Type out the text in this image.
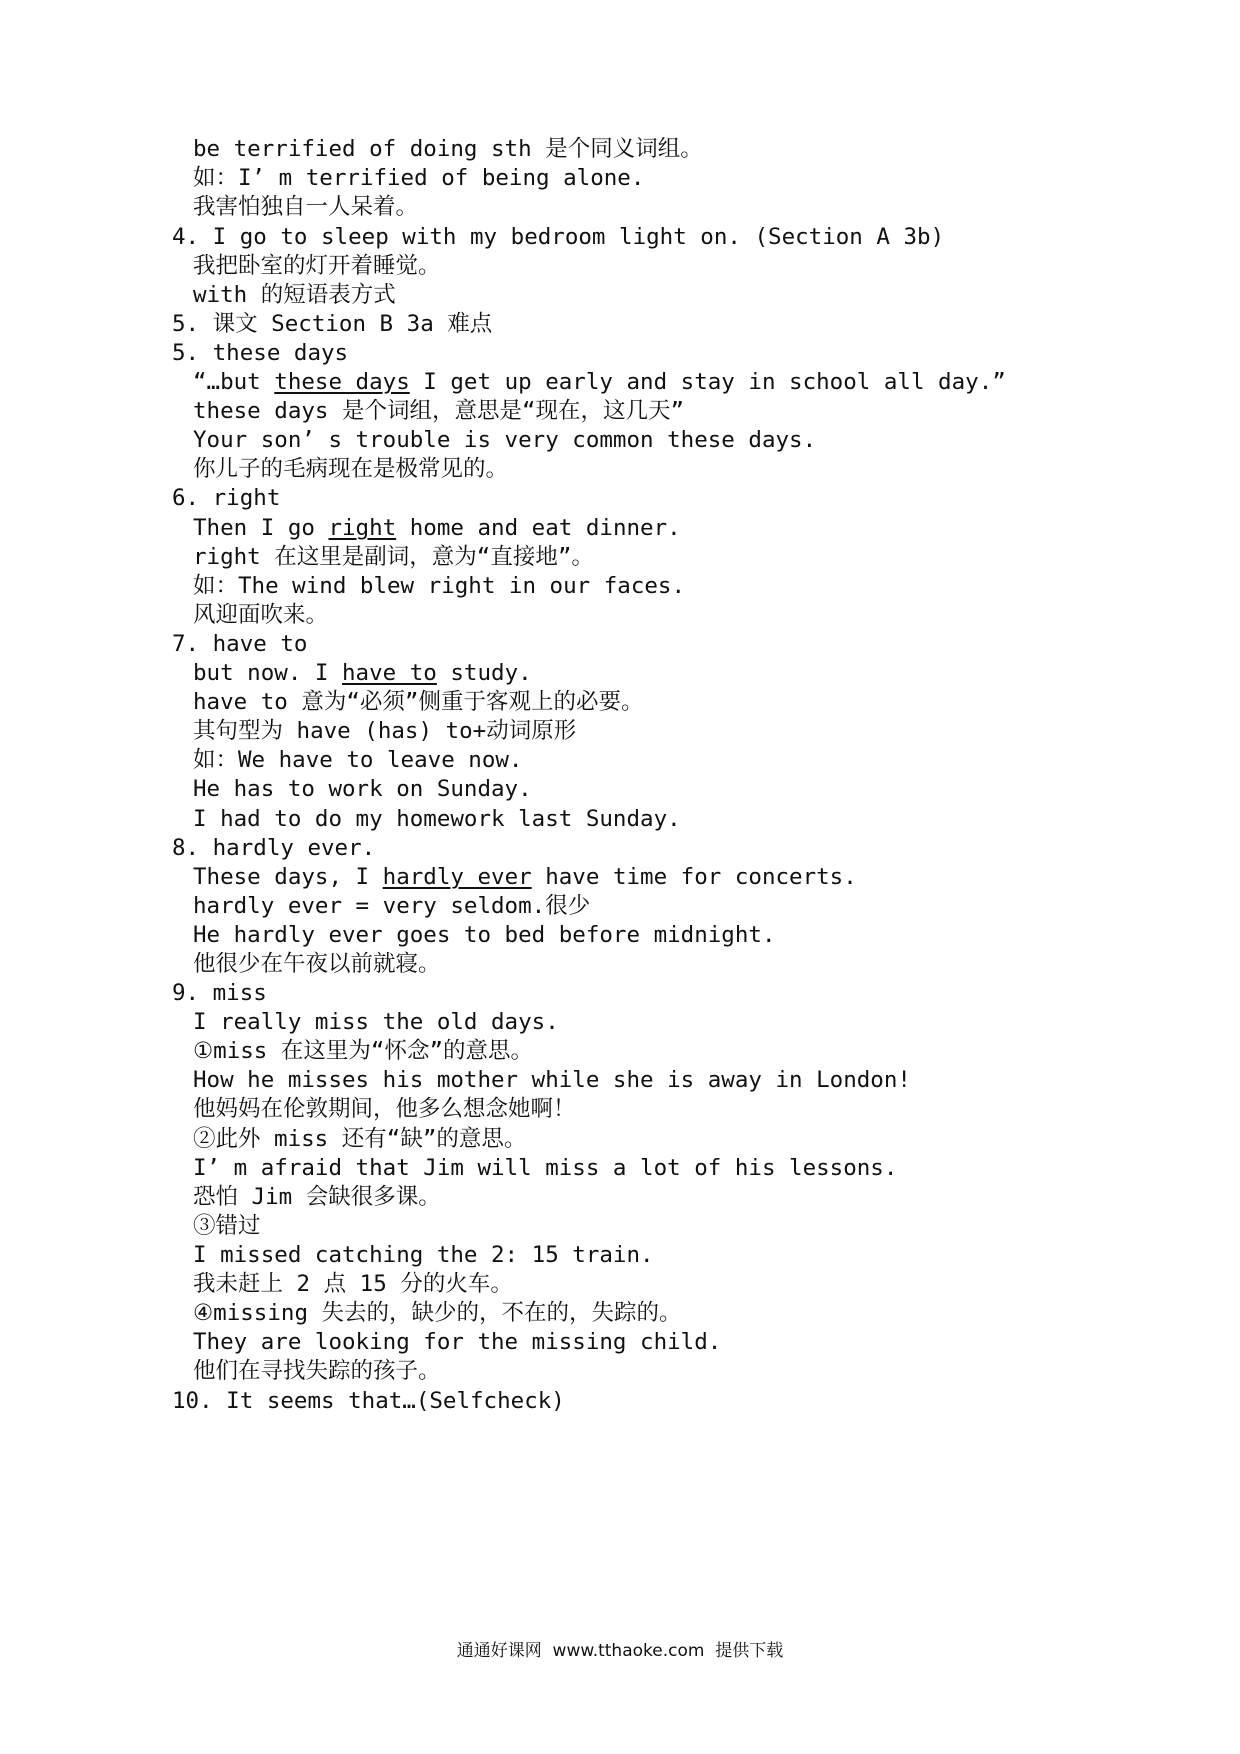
be terrified of doing sth 是个同义词组。
如：I’ m terrified of being alone.
我害怕独自一人呆着。
4. I go to sleep with my bedroom light on. (Section A 3b)
我把卧室的灯开着睡觉。
with 的短语表方式
5. 课文 Section B 3a 难点
5. these days
“…but these days I get up early and stay in school all day.”
these days 是个词组，意思是“现在，这几天”
Your son’ s trouble is very common these days.
你儿子的毛病现在是极常见的。
6. right
Then I go right home and eat dinner.
right 在这里是副词，意为“直接地”。
如：The wind blew right in our faces.
风迎面吹来。
7. have to
but now. I have to study.
have to 意为“必须”侧重于客观上的必要。
其句型为 have (has) to+动词原形
如：We have to leave now.
He has to work on Sunday.
I had to do my homework last Sunday.
8. hardly ever.
These days, I hardly ever have time for concerts.
hardly ever = very seldom.很少
He hardly ever goes to bed before midnight.
他很少在午夜以前就寝。
9. miss
I really miss the old days.
①miss 在这里为“怀念”的意思。
How he misses his mother while she is away in London!
他妈妈在伦敦期间，他多么想念她啊！
②此外 miss 还有“缺”的意思。
I’ m afraid that Jim will miss a lot of his lessons.
恐怕 Jim 会缺很多课。
③错过
I missed catching the 2: 15 train.
我未赶上 2 点 15 分的火车。
④missing 失去的，缺少的，不在的，失踪的。
They are looking for the missing child.
他们在寻找失踪的孩子。
10. It seems that…(Selfcheck)
通通好课网  www.tthaoke.com  提供下载
